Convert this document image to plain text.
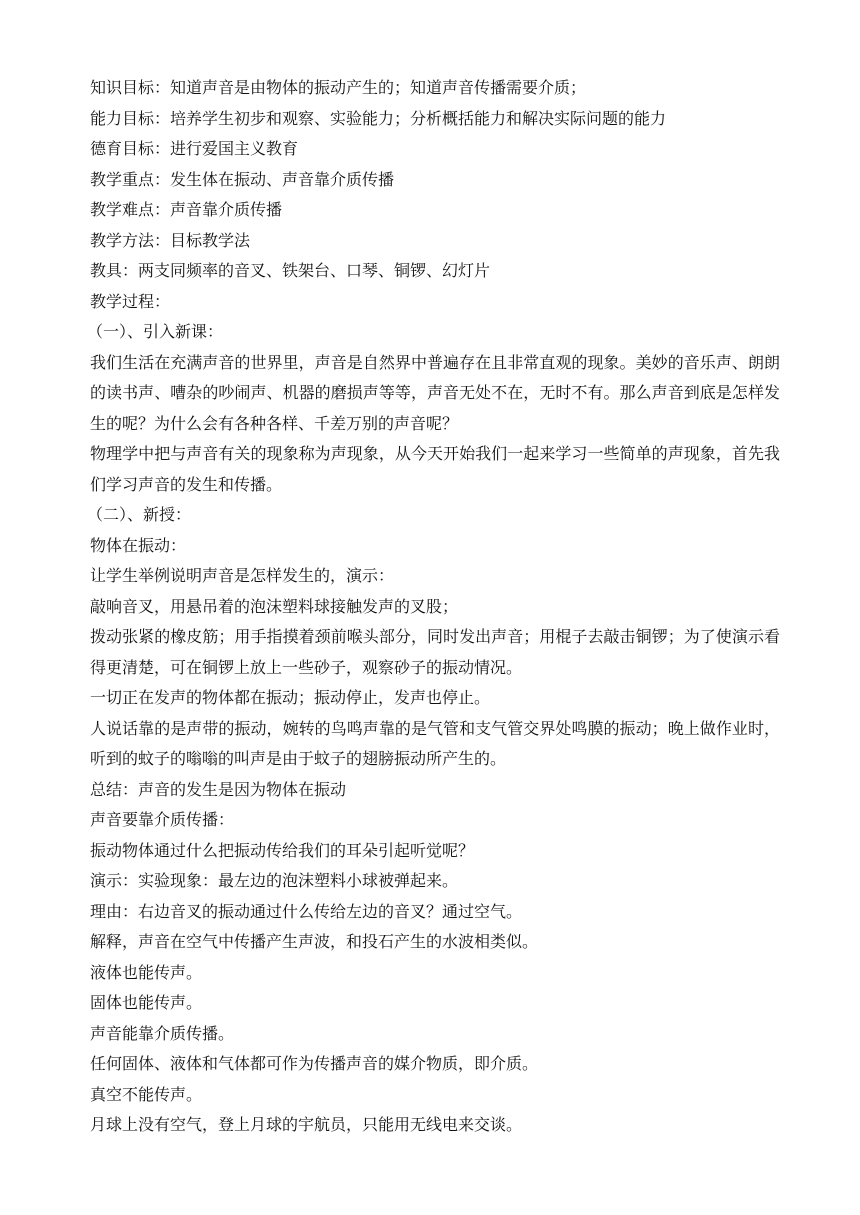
知识目标：知道声音是由物体的振动产生的；知道声音传播需要介质；

能力目标：培养学生初步和观察、实验能力；分析概括能力和解决实际问题的能力

德育目标：进行爱国主义教育

教学重点：发生体在振动、声音靠介质传播

教学难点：声音靠介质传播

教学方法：目标教学法

教具：两支同频率的音叉、铁架台、口琴、铜锣、幻灯片

教学过程：

（一）、引入新课：

我们生活在充满声音的世界里，声音是自然界中普遍存在且非常直观的现象。美妙的音乐声、朗朗的读书声、嘈杂的吵闹声、机器的磨损声等等，声音无处不在，无时不有。那么声音到底是怎样发生的呢？为什么会有各种各样、千差万别的声音呢？

物理学中把与声音有关的现象称为声现象，从今天开始我们一起来学习一些简单的声现象，首先我们学习声音的发生和传播。

（二）、新授：

物体在振动：

让学生举例说明声音是怎样发生的，演示：

敲响音叉，用悬吊着的泡沫塑料球接触发声的叉股；

拨动张紧的橡皮筋；用手指摸着颈前喉头部分，同时发出声音；用棍子去敲击铜锣；为了使演示看得更清楚，可在铜锣上放上一些砂子，观察砂子的振动情况。

一切正在发声的物体都在振动；振动停止，发声也停止。

人说话靠的是声带的振动，婉转的鸟鸣声靠的是气管和支气管交界处鸣膜的振动；晚上做作业时，听到的蚊子的嗡嗡的叫声是由于蚊子的翅膀振动所产生的。

总结：声音的发生是因为物体在振动

声音要靠介质传播：

振动物体通过什么把振动传给我们的耳朵引起听觉呢？

演示：实验现象：最左边的泡沫塑料小球被弹起来。

理由：右边音叉的振动通过什么传给左边的音叉？通过空气。

解释，声音在空气中传播产生声波，和投石产生的水波相类似。

液体也能传声。

固体也能传声。

声音能靠介质传播。

任何固体、液体和气体都可作为传播声音的媒介物质，即介质。

真空不能传声。

月球上没有空气，登上月球的宇航员，只能用无线电来交谈。
